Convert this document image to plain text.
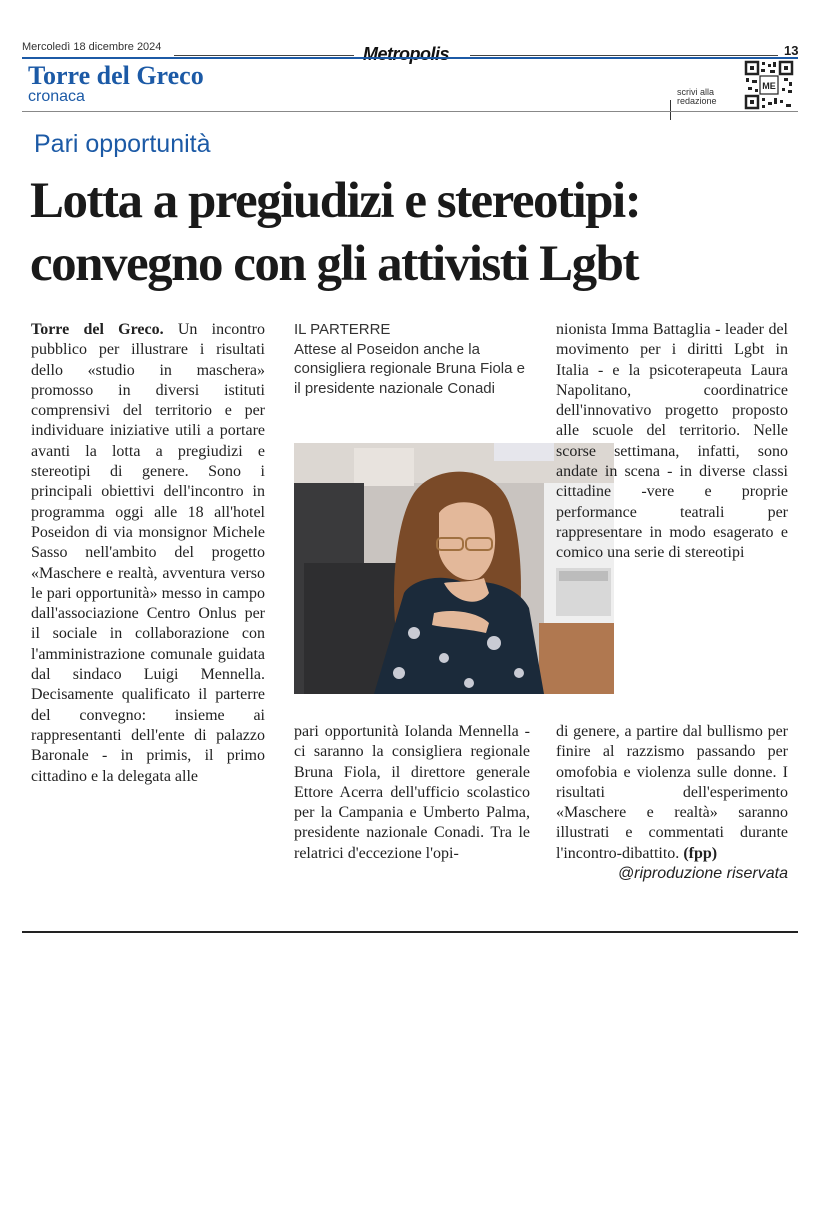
Mercoledì 18 dicembre 2024	Metropolis	13
Torre del Greco
cronaca	scrivi alla redazione
ME
Pari opportunità
Lotta a pregiudizi e stereotipi: convegno con gli attivisti Lgbt
Torre del Greco. Un incontro pubblico per illustrare i risultati dello «studio in maschera» promosso in diversi istituti comprensivi del territorio e per individuare iniziative utili a portare avanti la lotta a pregiudizi e stereotipi di genere. Sono i principali obiettivi dell'incontro in programma oggi alle 18 all'hotel Poseidon di via monsignor Michele Sasso nell'ambito del progetto «Maschere e realtà, avventura verso le pari opportunità» messo in campo dall'associazione Centro Onlus per il sociale in collaborazione con l'amministrazione comunale guidata dal sindaco Luigi Mennella. Decisamente qualificato il parterre del convegno: insieme ai rappresentanti dell'ente di palazzo Baronale - in primis, il primo cittadino e la delegata alle
IL PARTERRE
Attese al Poseidon anche la consigliera regionale Bruna Fiola e il presidente nazionale Conadi
pari opportunità Iolanda Mennella - ci saranno la consigliera regionale Bruna Fiola, il direttore generale Ettore Acerra dell'ufficio scolastico per la Campania e Umberto Palma, presidente nazionale Conadi. Tra le relatrici d'eccezione l'opi-
nionista Imma Battaglia - leader del movimento per i diritti Lgbt in Italia - e la psicoterapeuta Laura Napolitano, coordinatrice dell'innovativo progetto proposto alle scuole del territorio. Nelle scorse settimana, infatti, sono andate in scena - in diverse classi cittadine -vere e proprie performance teatrali per rappresentare in modo esagerato e comico una serie di stereotipi
di genere, a partire dal bullismo per finire al razzismo passando per omofobia e violenza sulle donne. I risultati dell'esperimento «Maschere e realtà» saranno illustrati e commentati durante l'incontro-dibattito. (fpp)
@riproduzione riservata
